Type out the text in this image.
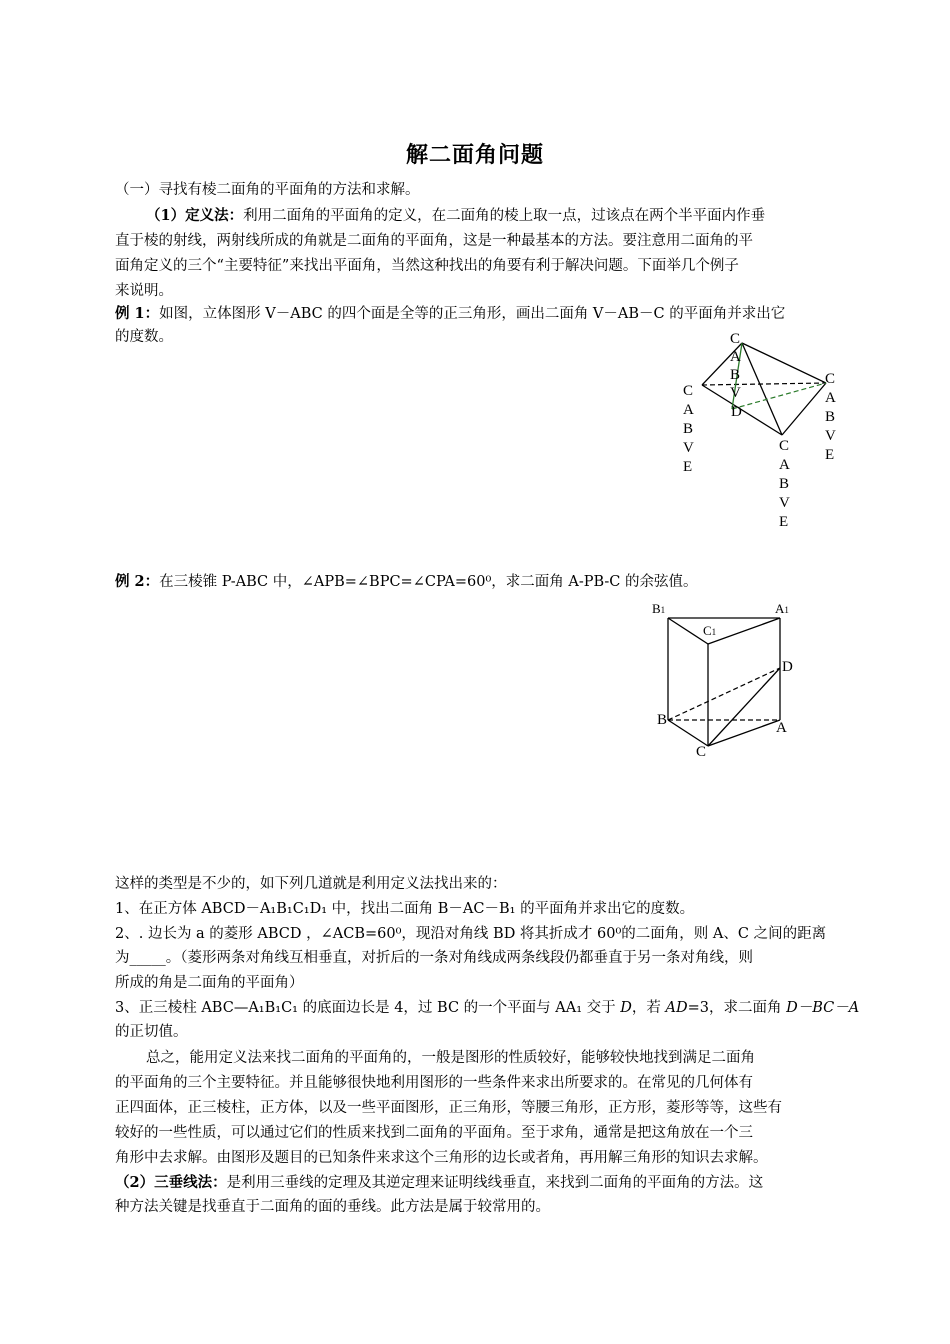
解二面角问题
（一）寻找有棱二面角的平面角的方法和求解。
（1）定义法：利用二面角的平面角的定义，在二面角的棱上取一点，过该点在两个半平面内作垂
直于棱的射线，两射线所成的角就是二面角的平面角，这是一种最基本的方法。要注意用二面角的平
面角定义的三个“主要特征”来找出平面角，当然这种找出的角要有利于解决问题。下面举几个例子
来说明。
例 1：如图，立体图形 V－ABC 的四个面是全等的正三角形，画出二面角 V－AB－C 的平面角并求出它
的度数。	C
A
B
V
D
C
A
B
V
E
C
A
B
V
E
C
A
B
V
E
例 2：在三棱锥 P-ABC 中，∠APB=∠BPC=∠CPA=60⁰，求二面角 A-PB-C 的余弦值。
B1	A1
C1
D
B	A
C
这样的类型是不少的，如下列几道就是利用定义法找出来的：
1、在正方体 ABCD－A₁B₁C₁D₁ 中，找出二面角 B－AC－B₁ 的平面角并求出它的度数。
2、. 边长为 a 的菱形 ABCD ，∠ACB=60⁰，现沿对角线 BD 将其折成才 60⁰的二面角，则 A、C 之间的距离
为_____。（菱形两条对角线互相垂直，对折后的一条对角线成两条线段仍都垂直于另一条对角线，则
所成的角是二面角的平面角）
3、正三棱柱 ABC—A₁B₁C₁ 的底面边长是 4，过 BC 的一个平面与 AA₁ 交于 D，若 AD=3，求二面角 D－BC－A
的正切值。
总之，能用定义法来找二面角的平面角的，一般是图形的性质较好，能够较快地找到满足二面角
的平面角的三个主要特征。并且能够很快地利用图形的一些条件来求出所要求的。在常见的几何体有
正四面体，正三棱柱，正方体，以及一些平面图形，正三角形，等腰三角形，正方形，菱形等等，这些有
较好的一些性质，可以通过它们的性质来找到二面角的平面角。至于求角，通常是把这角放在一个三
角形中去求解。由图形及题目的已知条件来求这个三角形的边长或者角，再用解三角形的知识去求解。
（2）三垂线法：是利用三垂线的定理及其逆定理来证明线线垂直，来找到二面角的平面角的方法。这
种方法关键是找垂直于二面角的面的垂线。此方法是属于较常用的。
